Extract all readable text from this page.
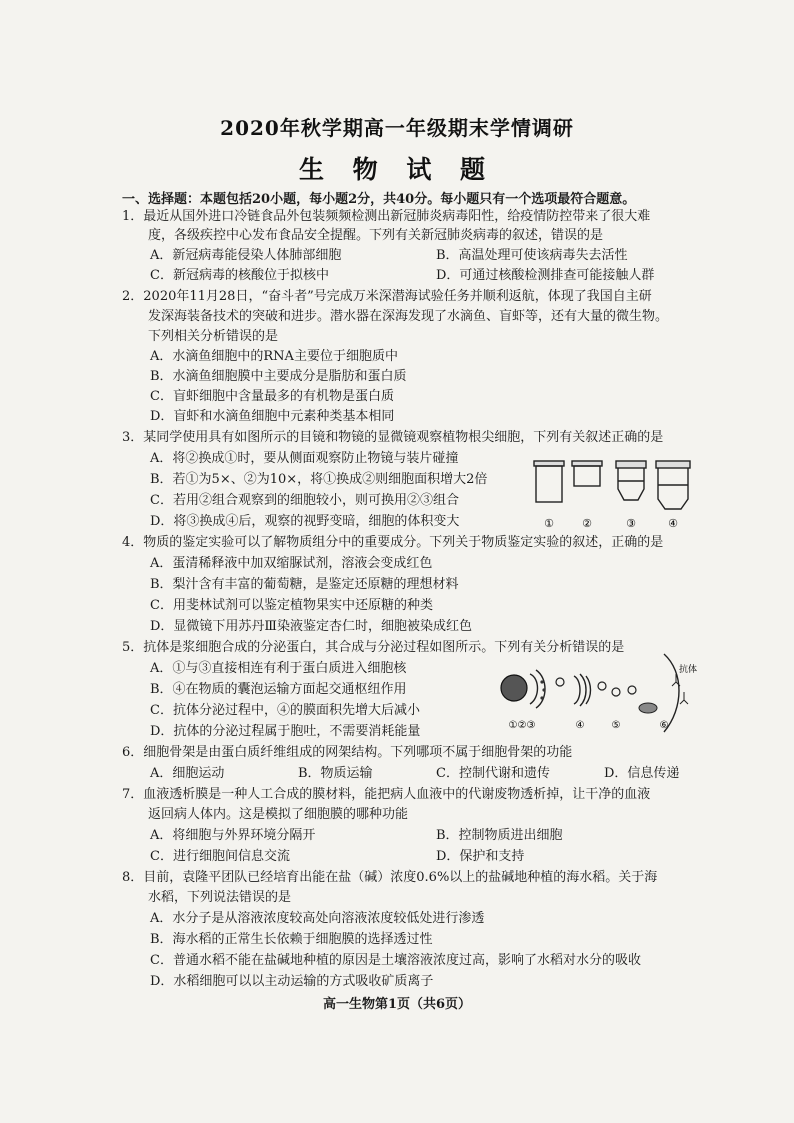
2020年秋学期高一年级期末学情调研
生 物 试 题
一、选择题：本题包括20小题，每小题2分，共40分。每小题只有一个选项最符合题意。
1．最近从国外进口冷链食品外包装频频检测出新冠肺炎病毒阳性，给疫情防控带来了很大难
度，各级疾控中心发布食品安全提醒。下列有关新冠肺炎病毒的叙述，错误的是
A．新冠病毒能侵染人体肺部细胞	B．高温处理可使该病毒失去活性
C．新冠病毒的核酸位于拟核中	D．可通过核酸检测排查可能接触人群
2．2020年11月28日，“奋斗者”号完成万米深潜海试验任务并顺利返航，体现了我国自主研
发深海装备技术的突破和进步。潜水器在深海发现了水滴鱼、盲虾等，还有大量的微生物。
下列相关分析错误的是
A．水滴鱼细胞中的RNA主要位于细胞质中
B．水滴鱼细胞膜中主要成分是脂肪和蛋白质
C．盲虾细胞中含量最多的有机物是蛋白质
D．盲虾和水滴鱼细胞中元素种类基本相同
3．某同学使用具有如图所示的目镜和物镜的显微镜观察植物根尖细胞，下列有关叙述正确的是
A．将②换成①时，要从侧面观察防止物镜与装片碰撞
B．若①为5×、②为10×，将①换成②则细胞面积增大2倍
C．若用②组合观察到的细胞较小，则可换用②③组合
D．将③换成④后，观察的视野变暗，细胞的体积变大	①	②	③	④
4．物质的鉴定实验可以了解物质组分中的重要成分。下列关于物质鉴定实验的叙述，正确的是
A．蛋清稀释液中加双缩脲试剂，溶液会变成红色
B．梨汁含有丰富的葡萄糖，是鉴定还原糖的理想材料
C．用斐林试剂可以鉴定植物果实中还原糖的种类
D．显微镜下用苏丹Ⅲ染液鉴定杏仁时，细胞被染成红色
5．抗体是浆细胞合成的分泌蛋白，其合成与分泌过程如图所示。下列有关分析错误的是
A．①与③直接相连有利于蛋白质进入细胞核
B．④在物质的囊泡运输方面起交通枢纽作用
C．抗体分泌过程中，④的膜面积先增大后减小
D．抗体的分泌过程属于胞吐，不需要消耗能量
抗体
①②③	④	⑤	⑥
6．细胞骨架是由蛋白质纤维组成的网架结构。下列哪项不属于细胞骨架的功能
A．细胞运动	B．物质运输	C．控制代谢和遗传	D．信息传递
7．血液透析膜是一种人工合成的膜材料，能把病人血液中的代谢废物透析掉，让干净的血液
返回病人体内。这是模拟了细胞膜的哪种功能
A．将细胞与外界环境分隔开	B．控制物质进出细胞
C．进行细胞间信息交流	D．保护和支持
8．目前，袁隆平团队已经培育出能在盐（碱）浓度0.6%以上的盐碱地种植的海水稻。关于海
水稻，下列说法错误的是
A．水分子是从溶液浓度较高处向溶液浓度较低处进行渗透
B．海水稻的正常生长依赖于细胞膜的选择透过性
C．普通水稻不能在盐碱地种植的原因是土壤溶液浓度过高，影响了水稻对水分的吸收
D．水稻细胞可以以主动运输的方式吸收矿质离子
高一生物第1页（共6页）
